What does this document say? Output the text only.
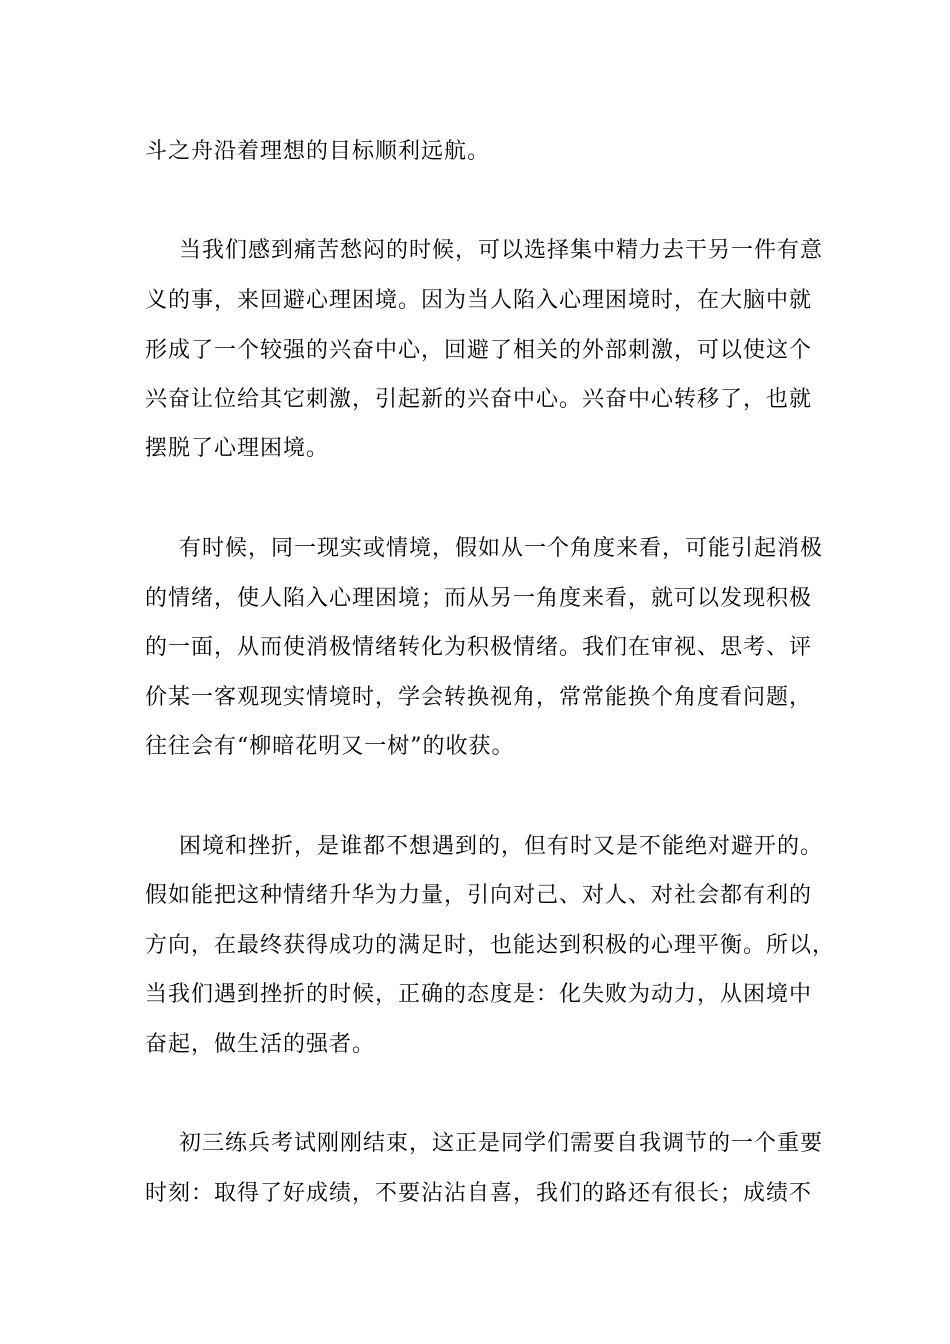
斗之舟沿着理想的目标顺利远航。
当我们感到痛苦愁闷的时候，可以选择集中精力去干另一件有意
义的事，来回避心理困境。因为当人陷入心理困境时，在大脑中就
形成了一个较强的兴奋中心，回避了相关的外部刺激，可以使这个
兴奋让位给其它刺激，引起新的兴奋中心。兴奋中心转移了，也就
摆脱了心理困境。
有时候，同一现实或情境，假如从一个角度来看，可能引起消极
的情绪，使人陷入心理困境；而从另一角度来看，就可以发现积极
的一面，从而使消极情绪转化为积极情绪。我们在审视、思考、评
价某一客观现实情境时，学会转换视角，常常能换个角度看问题，
往往会有“柳暗花明又一树”的收获。
困境和挫折，是谁都不想遇到的，但有时又是不能绝对避开的。
假如能把这种情绪升华为力量，引向对己、对人、对社会都有利的
方向，在最终获得成功的满足时，也能达到积极的心理平衡。所以，
当我们遇到挫折的时候，正确的态度是：化失败为动力，从困境中
奋起，做生活的强者。
初三练兵考试刚刚结束，这正是同学们需要自我调节的一个重要
时刻：取得了好成绩，不要沾沾自喜，我们的路还有很长；成绩不
